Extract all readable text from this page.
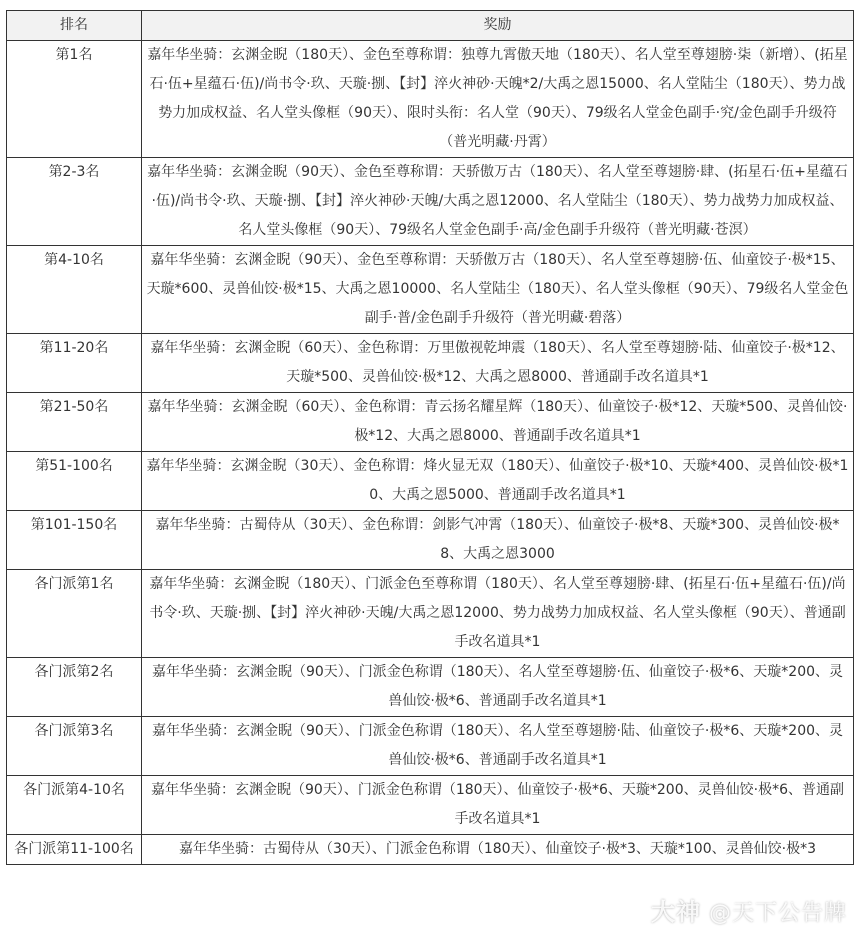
排名	奖励
第1名	嘉年华坐骑：玄渊金睨（180天）、金色至尊称谓：独尊九霄傲天地（180天）、名人堂至尊翅膀·柒（新增）、(拓星石·伍+星蕴石·伍)/尚书令·玖、天璇·捌、【封】淬火神砂·天魄*2/大禹之恩15000、名人堂陆尘（180天）、势力战势力加成权益、名人堂头像框（90天）、限时头衔：名人堂（90天）、79级名人堂金色副手·究/金色副手升级符（普光明藏·丹霄）
第2-3名	嘉年华坐骑：玄渊金睨（90天）、金色至尊称谓：天骄傲万古（180天）、名人堂至尊翅膀·肆、(拓星石·伍+星蕴石·伍)/尚书令·玖、天璇·捌、【封】淬火神砂·天魄/大禹之恩12000、名人堂陆尘（180天）、势力战势力加成权益、名人堂头像框（90天）、79级名人堂金色副手·高/金色副手升级符（普光明藏·苍溟）
第4-10名	嘉年华坐骑：玄渊金睨（90天）、金色至尊称谓：天骄傲万古（180天）、名人堂至尊翅膀·伍、仙童饺子·极*15、天璇*600、灵兽仙饺·极*15、大禹之恩10000、名人堂陆尘（180天）、名人堂头像框（90天）、79级名人堂金色副手·普/金色副手升级符（普光明藏·碧落）
第11-20名	嘉年华坐骑：玄渊金睨（60天）、金色称谓：万里傲视乾坤震（180天）、名人堂至尊翅膀·陆、仙童饺子·极*12、天璇*500、灵兽仙饺·极*12、大禹之恩8000、普通副手改名道具*1
第21-50名	嘉年华坐骑：玄渊金睨（60天）、金色称谓：青云扬名耀星辉（180天）、仙童饺子·极*12、天璇*500、灵兽仙饺·极*12、大禹之恩8000、普通副手改名道具*1
第51-100名	嘉年华坐骑：玄渊金睨（30天）、金色称谓：烽火显无双（180天）、仙童饺子·极*10、天璇*400、灵兽仙饺·极*10、大禹之恩5000、普通副手改名道具*1
第101-150名	嘉年华坐骑：古蜀侍从（30天）、金色称谓：剑影气冲霄（180天）、仙童饺子·极*8、天璇*300、灵兽仙饺·极*8、大禹之恩3000
各门派第1名	嘉年华坐骑：玄渊金睨（180天）、门派金色至尊称谓（180天）、名人堂至尊翅膀·肆、(拓星石·伍+星蕴石·伍)/尚书令·玖、天璇·捌、【封】淬火神砂·天魄/大禹之恩12000、势力战势力加成权益、名人堂头像框（90天）、普通副手改名道具*1
各门派第2名	嘉年华坐骑：玄渊金睨（90天）、门派金色称谓（180天）、名人堂至尊翅膀·伍、仙童饺子·极*6、天璇*200、灵兽仙饺·极*6、普通副手改名道具*1
各门派第3名	嘉年华坐骑：玄渊金睨（90天）、门派金色称谓（180天）、名人堂至尊翅膀·陆、仙童饺子·极*6、天璇*200、灵兽仙饺·极*6、普通副手改名道具*1
各门派第4-10名	嘉年华坐骑：玄渊金睨（90天）、门派金色称谓（180天）、仙童饺子·极*6、天璇*200、灵兽仙饺·极*6、普通副手改名道具*1
各门派第11-100名	嘉年华坐骑：古蜀侍从（30天）、门派金色称谓（180天）、仙童饺子·极*3、天璇*100、灵兽仙饺·极*3
大神 @天下公告牌
